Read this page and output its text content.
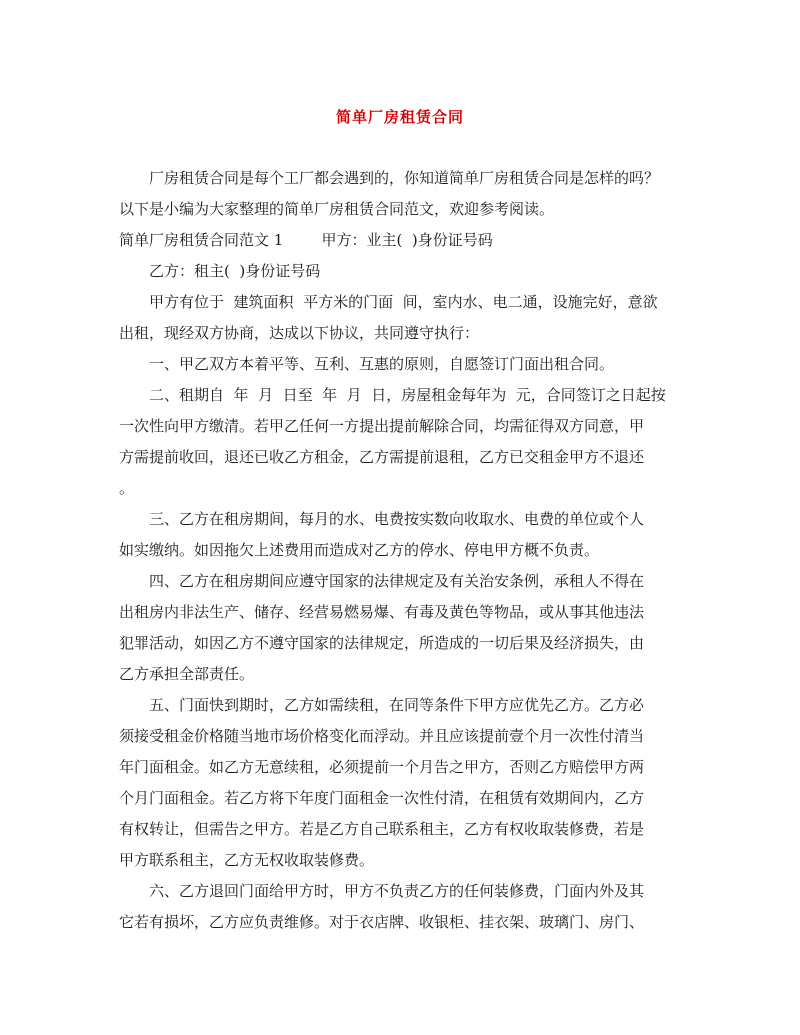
简单厂房租赁合同
厂房租赁合同是每个工厂都会遇到的，你知道简单厂房租赁合同是怎样的吗？
以下是小编为大家整理的简单厂房租赁合同范文，欢迎参考阅读。
简单厂房租赁合同范文 1        甲方：业主(  )身份证号码
乙方：租主(  )身份证号码
甲方有位于  建筑面积  平方米的门面  间，室内水、电二通，设施完好，意欲
出租，现经双方协商，达成以下协议，共同遵守执行：
一、甲乙双方本着平等、互利、互惠的原则，自愿签订门面出租合同。
二、租期自  年  月  日至  年  月  日，房屋租金每年为  元，合同签订之日起按
一次性向甲方缴清。若甲乙任何一方提出提前解除合同，均需征得双方同意，甲
方需提前收回，退还已收乙方租金，乙方需提前退租，乙方已交租金甲方不退还
。
三、乙方在租房期间，每月的水、电费按实数向收取水、电费的单位或个人
如实缴纳。如因拖欠上述费用而造成对乙方的停水、停电甲方概不负责。
四、乙方在租房期间应遵守国家的法律规定及有关治安条例，承租人不得在
出租房内非法生产、储存、经营易燃易爆、有毒及黄色等物品，或从事其他违法
犯罪活动，如因乙方不遵守国家的法律规定，所造成的一切后果及经济损失，由
乙方承担全部责任。
五、门面快到期时，乙方如需续租，在同等条件下甲方应优先乙方。乙方必
须接受租金价格随当地市场价格变化而浮动。并且应该提前壹个月一次性付清当
年门面租金。如乙方无意续租，必须提前一个月告之甲方，否则乙方赔偿甲方两
个月门面租金。若乙方将下年度门面租金一次性付清，在租赁有效期间内，乙方
有权转让，但需告之甲方。若是乙方自己联系租主，乙方有权收取装修费，若是
甲方联系租主，乙方无权收取装修费。
六、乙方退回门面给甲方时，甲方不负责乙方的任何装修费，门面内外及其
它若有损坏，乙方应负责维修。对于衣店牌、收银柜、挂衣架、玻璃门、房门、
